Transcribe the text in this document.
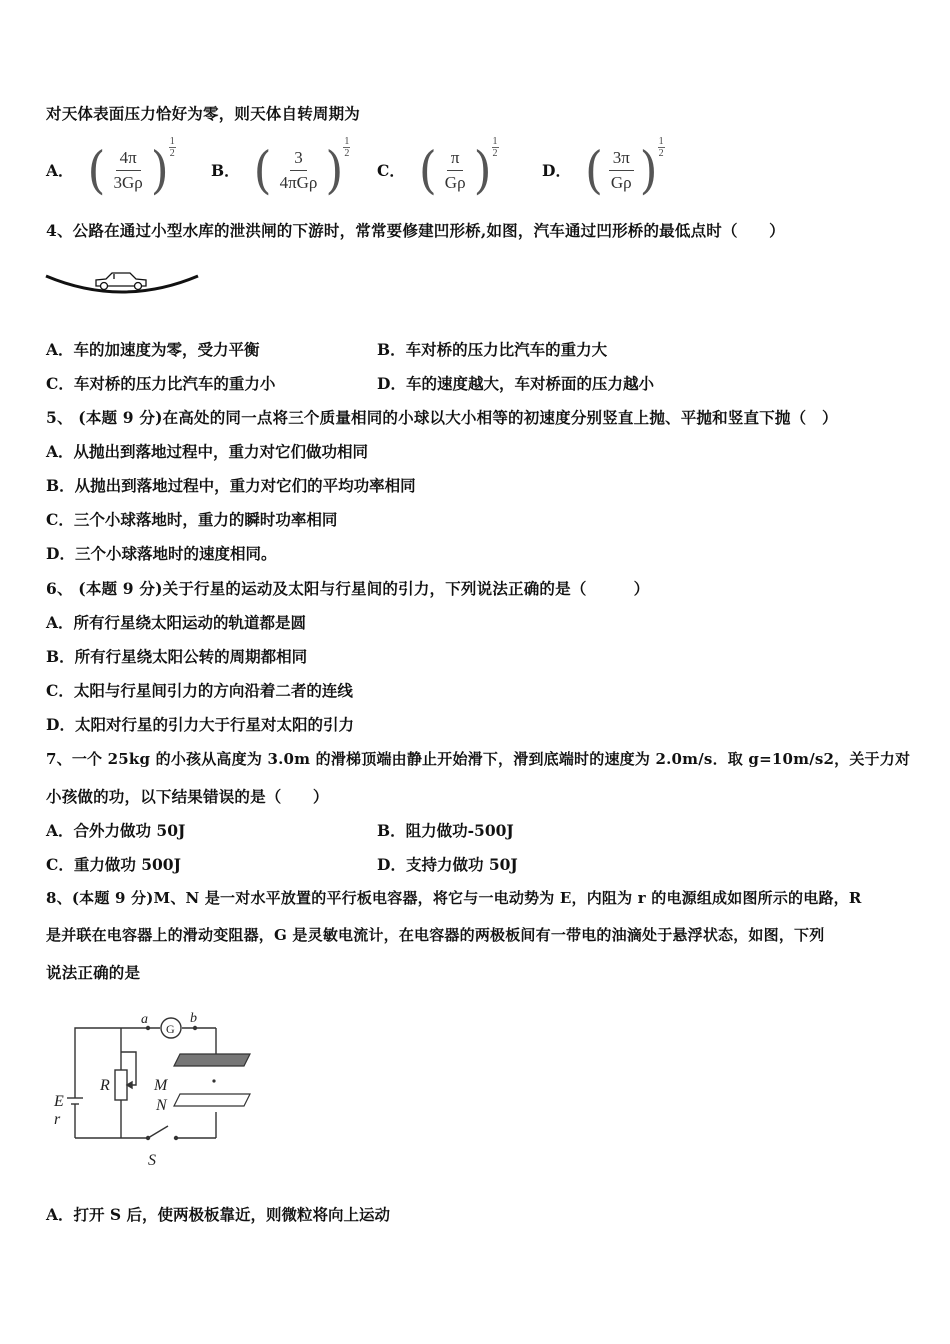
对天体表面压力恰好为零，则天体自转周期为
A． ( $\frac{4\pi}{3G\rho}$ ) 1
2
B． ( $\frac{3}{\text{4πGρ}}$ ) 1
2
C． ( $\frac{\pi}{G\rho}$ ) 1
2
D． ( $\frac{3\pi}{G\rho}$ ) 1
2
4、公路在通过小型水库的泄洪闸的下游时，常常要修建凹形桥,如图，汽车通过凹形桥的最低点时（　　）
A．车的加速度为零，受力平衡	B．车对桥的压力比汽车的重力大
C．车对桥的压力比汽车的重力小	D．车的速度越大，车对桥面的压力越小
5、 (本题 9 分)在高处的同一点将三个质量相同的小球以大小相等的初速度分别竖直上抛、平抛和竖直下抛（　）
A．从抛出到落地过程中，重力对它们做功相同
B．从抛出到落地过程中，重力对它们的平均功率相同
C．三个小球落地时，重力的瞬时功率相同
D．三个小球落地时的速度相同。
6、 (本题 9 分)关于行星的运动及太阳与行星间的引力，下列说法正确的是（　　　）
A．所有行星绕太阳运动的轨道都是圆
B．所有行星绕太阳公转的周期都相同
C．太阳与行星间引力的方向沿着二者的连线
D．太阳对行星的引力大于行星对太阳的引力
7、一个 25kg 的小孩从高度为 3.0m 的滑梯顶端由静止开始滑下，滑到底端时的速度为 2.0m/s．取 g=10m/s2，关于力对
小孩做的功，以下结果错误的是（　　）
A．合外力做功 50J	B．阻力做功-500J
C．重力做功 500J	D．支持力做功 50J
8、(本题 9 分)M、N 是一对水平放置的平行板电容器，将它与一电动势为 E，内阻为 r 的电源组成如图所示的电路，R
是并联在电容器上的滑动变阻器，G 是灵敏电流计，在电容器的两极板间有一带电的油滴处于悬浮状态，如图，下列
说法正确的是
a
G
b
M
R
N
E
r
S
A．打开 S 后，使两极板靠近，则微粒将向上运动
